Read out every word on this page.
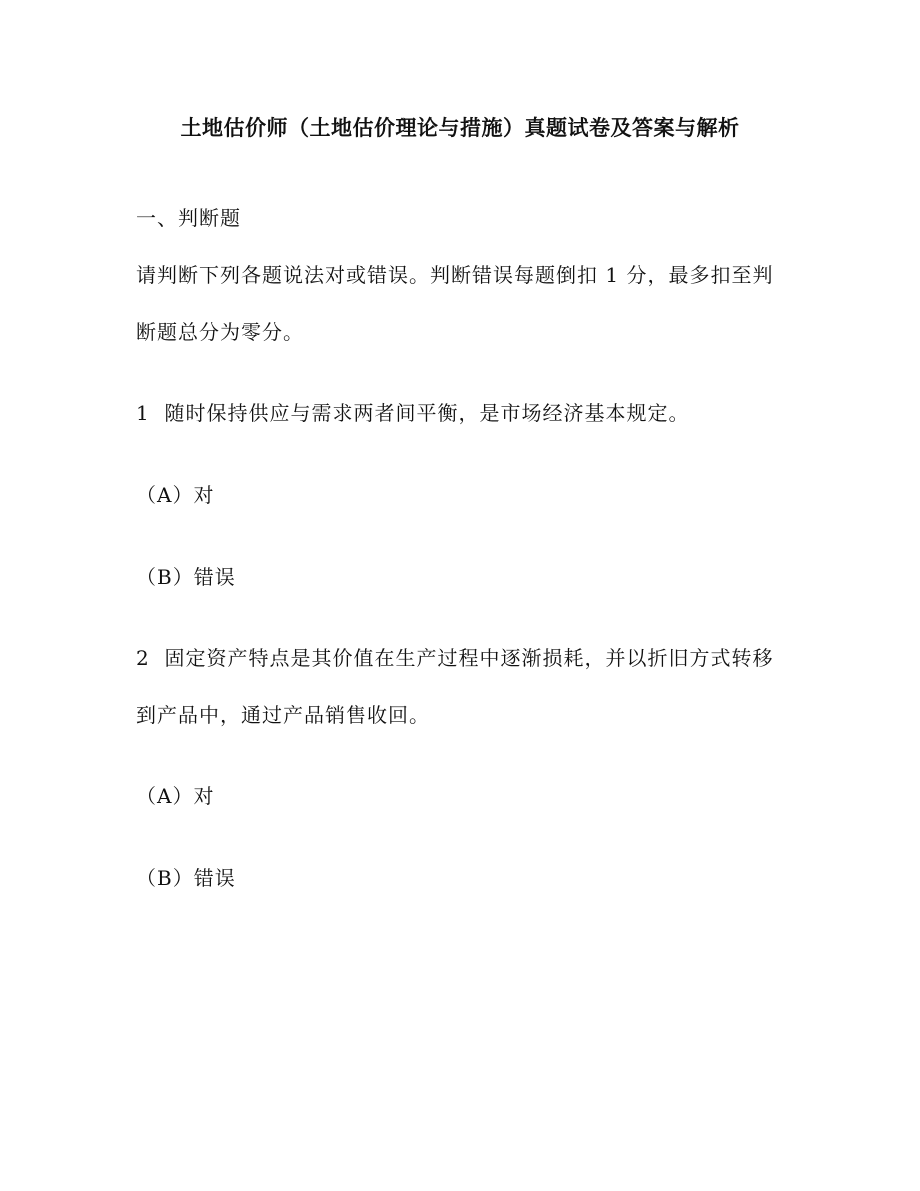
土地估价师（土地估价理论与措施）真题试卷及答案与解析
一、判断题
请判断下列各题说法对或错误。判断错误每题倒扣 1 分，最多扣至判
断题总分为零分。
1 随时保持供应与需求两者间平衡，是市场经济基本规定。
（A）对
（B）错误
2 固定资产特点是其价值在生产过程中逐渐损耗，并以折旧方式转移
到产品中，通过产品销售收回。
（A）对
（B）错误
